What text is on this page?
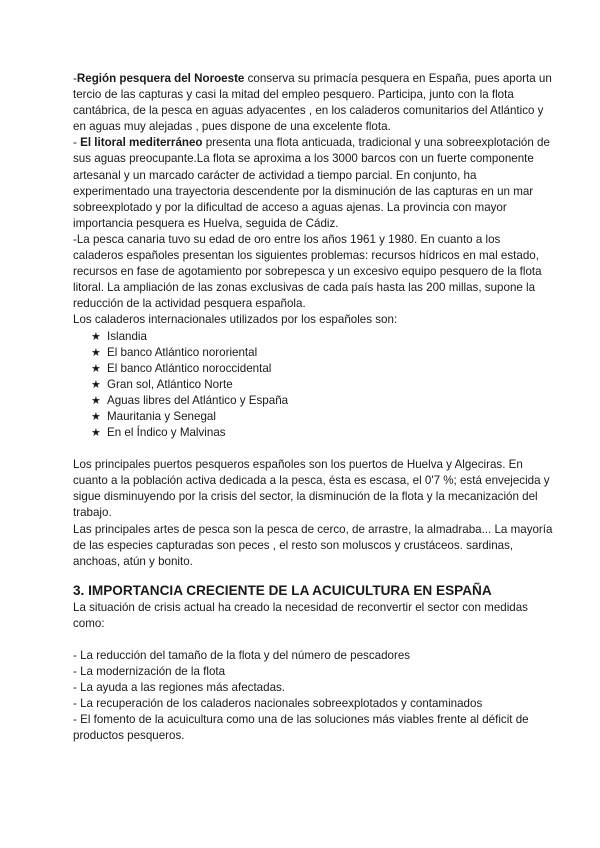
-Región pesquera del Noroeste conserva su primacía pesquera en España, pues aporta un tercio de las capturas y casi la mitad del empleo pesquero. Participa, junto con la flota cantábrica, de la pesca en aguas adyacentes , en los caladeros comunitarios del Atlántico y en aguas muy alejadas , pues dispone de una excelente flota.

- El litoral mediterráneo presenta una flota anticuada, tradicional y una sobreexplotación de sus aguas preocupante.La flota se aproxima a los 3000 barcos con un fuerte componente artesanal y un marcado carácter de actividad a tiempo parcial. En conjunto, ha experimentado una trayectoria descendente por la disminución de las capturas en un mar sobreexplotado y por la dificultad de acceso a aguas ajenas. La provincia con mayor importancia pesquera es Huelva, seguida de Cádiz.

-La pesca canaria tuvo su edad de oro entre los años 1961 y 1980. En cuanto a los caladeros españoles presentan los siguientes problemas: recursos hídricos en mal estado, recursos en fase de agotamiento por sobrepesca y un excesivo equipo pesquero de la flota litoral. La ampliación de las zonas exclusivas de cada país hasta las 200 millas, supone la reducción de la actividad pesquera española.

Los caladeros internacionales utilizados por los españoles son:

★ Islandia
★ El banco Atlántico nororiental
★ El banco Atlántico noroccidental
★ Gran sol, Atlántico Norte
★ Aguas libres del Atlántico y España
★ Mauritania y Senegal
★ En el Índico y Malvinas

Los principales puertos pesqueros españoles son los puertos de Huelva y Algeciras. En cuanto a la población activa dedicada a la pesca, ésta es escasa, el 0'7 %; está envejecida y sigue disminuyendo por la crisis del sector, la disminución de la flota y la mecanización del trabajo.

Las principales artes de pesca son la pesca de cerco, de arrastre, la almadraba... La mayoría de las especies capturadas son peces , el resto son moluscos y crustáceos. sardinas, anchoas, atún y bonito.

3. IMPORTANCIA CRECIENTE DE LA ACUICULTURA EN ESPAÑA

La situación de crisis actual ha creado la necesidad de reconvertir el sector con medidas como:

- La reducción del tamaño de la flota y del número de pescadores
- La modernización de la flota
- La ayuda a las regiones más afectadas.
- La recuperación de los caladeros nacionales sobreexplotados y contaminados
- El fomento de la acuicultura como una de las soluciones más viables frente al déficit de productos pesqueros.
